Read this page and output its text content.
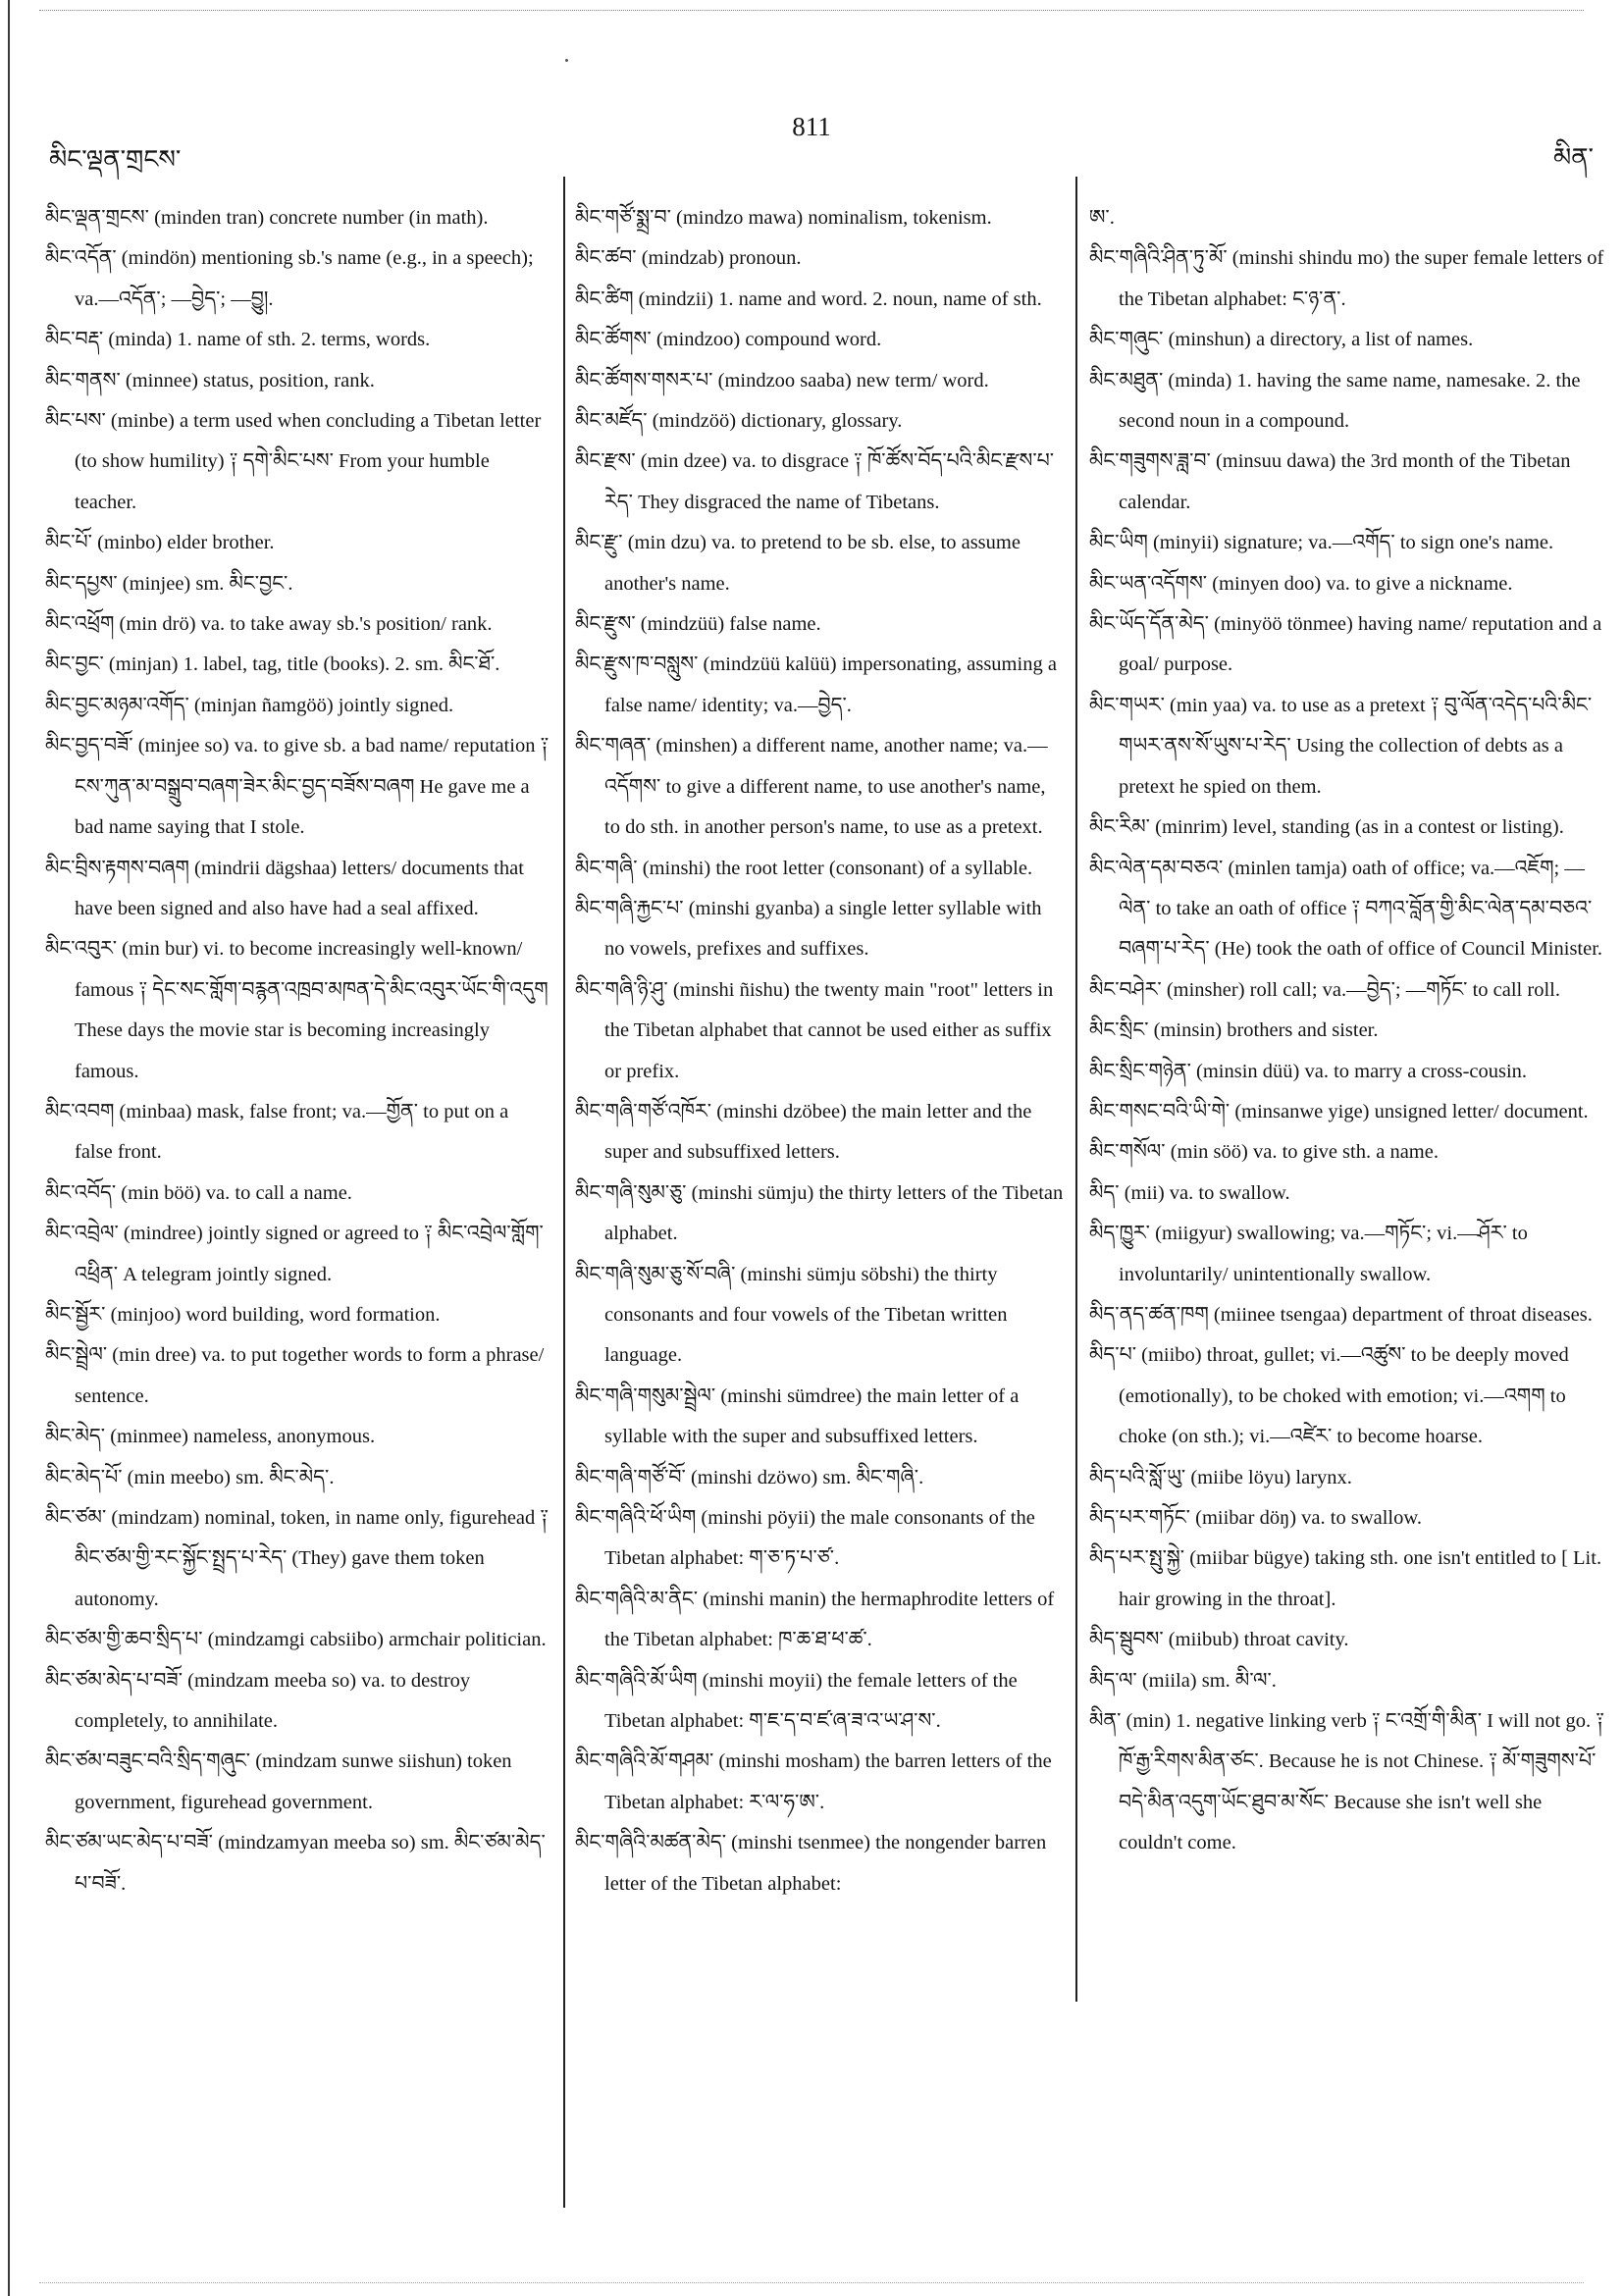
མིང་ལྡན་གྲངས་
811
མིན་

མིང་ལྡན་གྲངས་ (minden tran) concrete number (in math).

མིང་འདོན་ (mindön) mentioning sb.'s name (e.g., in a speech); va.—འདོན་; —བྱེད་; —བྱུ།.

མིང་བརྡ་ (minda) 1. name of sth. 2. terms, words.

མིང་གནས་ (minnee) status, position, rank.

མིང་པས་ (minbe) a term used when concluding a Tibetan letter (to show humility) ༑ དགེ་མིང་པས་ From your humble teacher.

མིང་པོ་ (minbo) elder brother.

མིང་དཔྱས་ (minjee) sm. མིང་བྱང་.

མིང་འཕྲོག (min drö) va. to take away sb.'s position/ rank.

མིང་བྱང་ (minjan) 1. label, tag, title (books). 2. sm. མིང་ཐོ་.

མིང་བྱང་མཉམ་འགོད་ (minjan ñamgöö) jointly signed.

མིང་བྱད་བཟོ་ (minjee so) va. to give sb. a bad name/ reputation ༑ ངས་ཀུན་མ་བསྒྲུབ་བཞག་ཟེར་མིང་བྱད་བཟོས་བཞག He gave me a bad name saying that I stole.

མིང་བྲིས་རྟགས་བཞག (mindrii dägshaa) letters/ documents that have been signed and also have had a seal affixed.

མིང་འབུར་ (min bur) vi. to become increasingly well-known/ famous ༑ དེང་སང་གློག་བརྙན་འཁྲབ་མཁན་དེ་མིང་འབུར་ཡོང་གི་འདུག These days the movie star is becoming increasingly famous.

མིང་འབག (minbaa) mask, false front; va.—གྱོན་ to put on a false front.

མིང་འབོད་ (min böö) va. to call a name.

མིང་འབྲེལ་ (mindree) jointly signed or agreed to ༑ མིང་འབྲེལ་གློག་འཕྲིན་ A telegram jointly signed.

མིང་སྦྱོར་ (minjoo) word building, word formation.

མིང་སྦྲེལ་ (min dree) va. to put together words to form a phrase/ sentence.

མིང་མེད་ (minmee) nameless, anonymous.

མིང་མེད་པོ་ (min meebo) sm. མིང་མེད་.

མིང་ཙམ་ (mindzam) nominal, token, in name only, figurehead ༑ མིང་ཙམ་གྱི་རང་སྐྱོང་སྤྲད་པ་རེད་ (They) gave them token autonomy.

མིང་ཙམ་གྱི་ཆབ་སྲིད་པ་ (mindzamgi cabsiibo) armchair politician.

མིང་ཙམ་མེད་པ་བཟོ་ (mindzam meeba so) va. to destroy completely, to annihilate.

མིང་ཙམ་བཟུང་བའི་སྲིད་གཞུང་ (mindzam sunwe siishun) token government, figurehead government.

མིང་ཙམ་ཡང་མེད་པ་བཟོ་ (mindzamyan meeba so) sm. མིང་ཙམ་མེད་པ་བཟོ་.

མིང་གཙོ་སྨྲ་བ་ (mindzo mawa) nominalism, tokenism.

མིང་ཚབ་ (mindzab) pronoun.

མིང་ཚིག (mindzii) 1. name and word. 2. noun, name of sth.

མིང་ཚོགས་ (mindzoo) compound word.

མིང་ཚོགས་གསར་པ་ (mindzoo saaba) new term/ word.

མིང་མཛོད་ (mindzöö) dictionary, glossary.

མིང་རྫས་ (min dzee) va. to disgrace ༑ ཁོ་ཚོས་བོད་པའི་མིང་རྫས་པ་རེད་ They disgraced the name of Tibetans.

མིང་རྫུ་ (min dzu) va. to pretend to be sb. else, to assume another's name.

མིང་རྫུས་ (mindzüü) false name.

མིང་རྫུས་ཁ་བསླུས་ (mindzüü kalüü) impersonating, assuming a false name/ identity; va.—བྱེད་.

མིང་གཞན་ (minshen) a different name, another name; va.—འདོགས་ to give a different name, to use another's name, to do sth. in another person's name, to use as a pretext.

མིང་གཞི་ (minshi) the root letter (consonant) of a syllable.

མིང་གཞི་རྐྱང་པ་ (minshi gyanba) a single letter syllable with no vowels, prefixes and suffixes.

མིང་གཞི་ཉི་ཤུ་ (minshi ñishu) the twenty main "root" letters in the Tibetan alphabet that cannot be used either as suffix or prefix.

མིང་གཞི་གཙོ་འཁོར་ (minshi dzöbee) the main letter and the super and subsuffixed letters.

མིང་གཞི་སུམ་ཅུ་ (minshi sümju) the thirty letters of the Tibetan alphabet.

མིང་གཞི་སུམ་ཅུ་སོ་བཞི་ (minshi sümju söbshi) the thirty consonants and four vowels of the Tibetan written language.

མིང་གཞི་གསུམ་སྦྲེལ་ (minshi sümdree) the main letter of a syllable with the super and subsuffixed letters.

མིང་གཞི་གཙོ་བོ་ (minshi dzöwo) sm. མིང་གཞི་.

མིང་གཞིའི་ཕོ་ཡིག (minshi pöyii) the male consonants of the Tibetan alphabet: ག་ཅ་ཏ་པ་ཙ་.

མིང་གཞིའི་མ་ནིང་ (minshi manin) the hermaphrodite letters of the Tibetan alphabet: ཁ་ཆ་ཐ་ཕ་ཚ་.

མིང་གཞིའི་མོ་ཡིག (minshi moyii) the female letters of the Tibetan alphabet: ག་ཇ་ད་བ་ཛ་ཞ་ཟ་འ་ཡ་ཤ་ས་.

མིང་གཞིའི་མོ་གཤམ་ (minshi mosham) the barren letters of the Tibetan alphabet: ར་ལ་ཧ་ཨ་.

མིང་གཞིའི་མཚན་མེད་ (minshi tsenmee) the nongender barren letter of the Tibetan alphabet:

ཨ་.

མིང་གཞིའི་ཤིན་ཏུ་མོ་ (minshi shindu mo) the super female letters of the Tibetan alphabet: ང་ཉ་ན་.

མིང་གཞུང་ (minshun) a directory, a list of names.

མིང་མཐུན་ (minda) 1. having the same name, namesake. 2. the second noun in a compound.

མིང་གཟུགས་ཟླ་བ་ (minsuu dawa) the 3rd month of the Tibetan calendar.

མིང་ཡིག (minyii) signature; va.—འགོད་ to sign one's name.

མིང་ཡན་འདོགས་ (minyen doo) va. to give a nickname.

མིང་ཡོད་དོན་མེད་ (minyöö tönmee) having name/ reputation and a goal/ purpose.

མིང་གཡར་ (min yaa) va. to use as a pretext ༑ བུ་ལོན་འདེད་པའི་མིང་གཡར་ནས་སོ་ཡུས་པ་རེད་ Using the collection of debts as a pretext he spied on them.

མིང་རིམ་ (minrim) level, standing (as in a contest or listing).

མིང་ལེན་དམ་བཅའ་ (minlen tamja) oath of office; va.—འཇོག; —ལེན་ to take an oath of office ༑ བཀའ་བློན་གྱི་མིང་ལེན་དམ་བཅའ་བཞག་པ་རེད་ (He) took the oath of office of Council Minister.

མིང་བཤེར་ (minsher) roll call; va.—བྱེད་; —གཏོང་ to call roll.

མིང་སྲིང་ (minsin) brothers and sister.

མིང་སྲིང་གཉེན་ (minsin düü) va. to marry a cross-cousin.

མིང་གསང་བའི་ཡི་གེ་ (minsanwe yige) unsigned letter/ document.

མིང་གསོལ་ (min söö) va. to give sth. a name.

མིད་ (mii) va. to swallow.

མིད་ཁྱུར་ (miigyur) swallowing; va.—གཏོང་; vi.—ཤོར་ to involuntarily/ unintentionally swallow.

མིད་ནད་ཚན་ཁག (miinee tsengaa) department of throat diseases.

མིད་པ་ (miibo) throat, gullet; vi.—འཚུས་ to be deeply moved (emotionally), to be choked with emotion; vi.—འགག to choke (on sth.); vi.—འཛེར་ to become hoarse.

མིད་པའི་སློ་ཡུ་ (miibe löyu) larynx.

མིད་པར་གཏོང་ (miibar döŋ) va. to swallow.

མིད་པར་སྤུ་སྐྱེ་ (miibar bügye) taking sth. one isn't entitled to [ Lit. hair growing in the throat].

མིད་སྦུབས་ (miibub) throat cavity.

མིད་ལ་ (miila) sm. མི་ལ་.

མིན་ (min) 1. negative linking verb ༑ ང་འགྲོ་གི་མིན་ I will not go. ༑ ཁོ་རྒྱ་རིགས་མིན་ཙང་. Because he is not Chinese. ༑ མོ་གཟུགས་པོ་བདེ་མིན་འདུག་ཡོང་ཐུབ་མ་སོང་ Because she isn't well she couldn't come.
